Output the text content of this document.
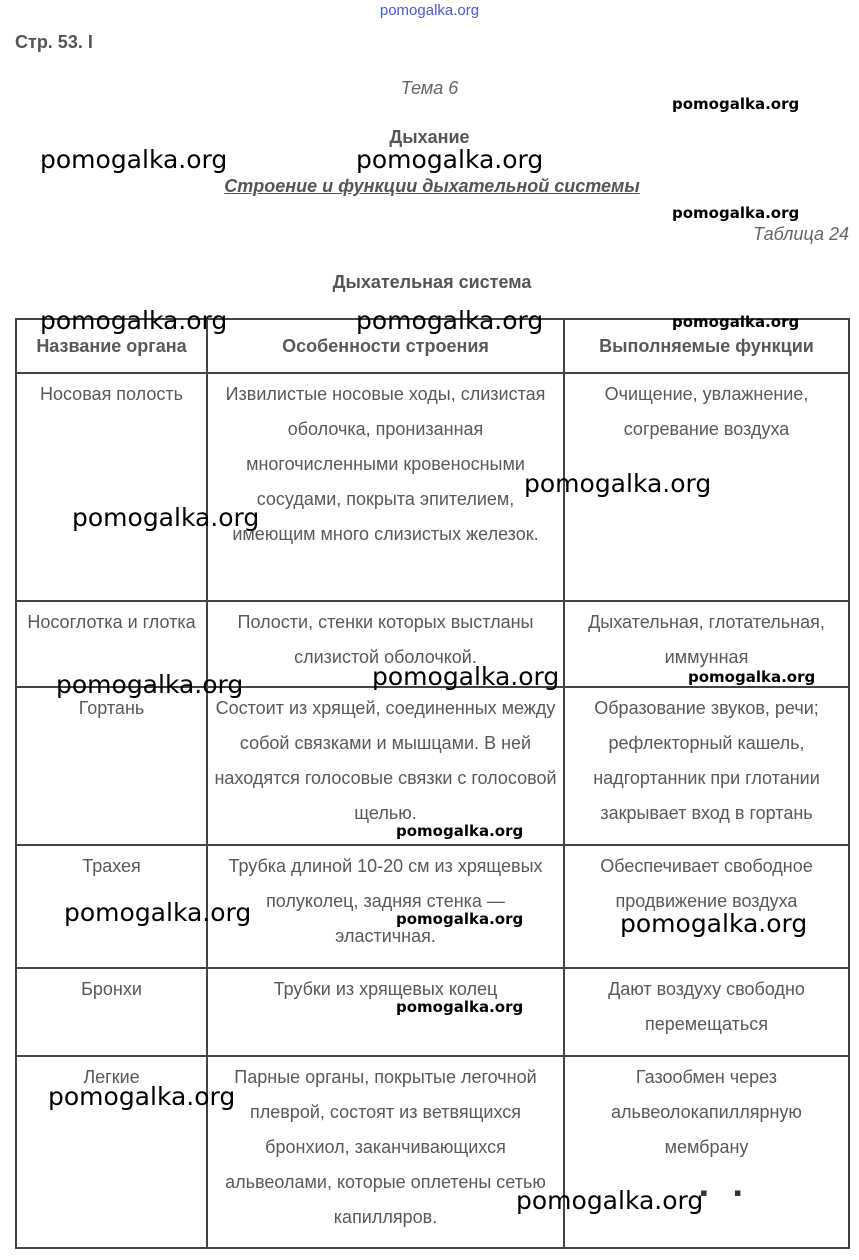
pomogalka.org
Стр. 53. I
Тема 6
Дыхание
Строение и функции дыхательной системы
Таблица 24
Дыхательная система
Название органа	Особенности строения	Выполняемые функции
Носовая полость	Извилистые носовые ходы, слизистая оболочка, пронизанная многочисленными кровеносными сосудами, покрыта эпителием, имеющим много слизистых железок.	Очищение, увлажнение, согревание воздуха
Носоглотка и глотка	Полости, стенки которых выстланы слизистой оболочкой.	Дыхательная, глотательная, иммунная
Гортань	Состоит из хрящей, соединенных между собой связками и мышцами. В ней находятся голосовые связки с голосовой щелью.	Образование звуков, речи; рефлекторный кашель, надгортанник при глотании закрывает вход в гортань
Трахея	Трубка длиной 10-20 см из хрящевых полуколец, задняя стенка — эластичная.	Обеспечивает свободное продвижение воздуха
Бронхи	Трубки из хрящевых колец	Дают воздуху свободно перемещаться
Легкие	Парные органы, покрытые легочной плеврой, состоят из ветвящихся бронхиол, заканчивающихся альвеолами, которые оплетены сетью капилляров.	Газообмен через альвеолокапиллярную мембрану
pomogalka.org
pomogalka.org	pomogalka.org
pomogalka.org
pomogalka.org	pomogalka.org	pomogalka.org
pomogalka.org
pomogalka.org
pomogalka.org	pomogalka.org
pomogalka.org
pomogalka.org
pomogalka.org	pomogalka.org	pomogalka.org
pomogalka.org
pomogalka.org
pomogalka.org
▪ ▪
